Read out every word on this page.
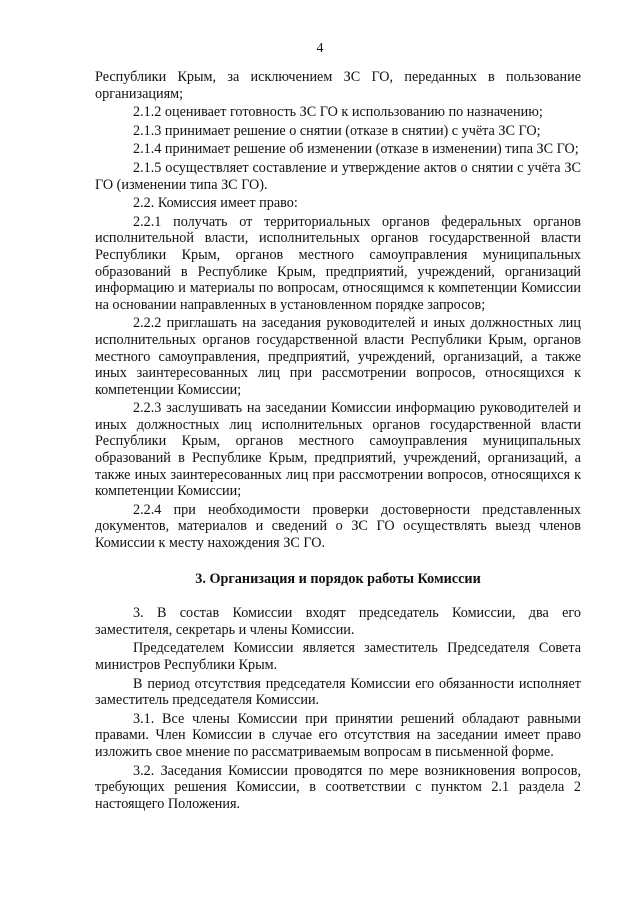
4

Республики Крым, за исключением ЗС ГО, переданных в пользование организациям;

2.1.2 оценивает готовность ЗС ГО к использованию по назначению;

2.1.3 принимает решение о снятии (отказе в снятии) с учёта ЗС ГО;

2.1.4 принимает решение об изменении (отказе в изменении) типа ЗС ГО;

2.1.5 осуществляет составление и утверждение актов о снятии с учёта ЗС ГО (изменении типа ЗС ГО).

2.2. Комиссия имеет право:

2.2.1 получать от территориальных органов федеральных органов исполнительной власти, исполнительных органов государственной власти Республики Крым, органов местного самоуправления муниципальных образований в Республике Крым, предприятий, учреждений, организаций информацию и материалы по вопросам, относящимся к компетенции Комиссии на основании направленных в установленном порядке запросов;

2.2.2 приглашать на заседания руководителей и иных должностных лиц исполнительных органов государственной власти Республики Крым, органов местного самоуправления, предприятий, учреждений, организаций, а также иных заинтересованных лиц при рассмотрении вопросов, относящихся к компетенции Комиссии;

2.2.3 заслушивать на заседании Комиссии информацию руководителей и иных должностных лиц исполнительных органов государственной власти Республики Крым, органов местного самоуправления муниципальных образований в Республике Крым, предприятий, учреждений, организаций, а также иных заинтересованных лиц при рассмотрении вопросов, относящихся к компетенции Комиссии;

2.2.4 при необходимости проверки достоверности представленных документов, материалов и сведений о ЗС ГО осуществлять выезд членов Комиссии к месту нахождения ЗС ГО.

3. Организация и порядок работы Комиссии

3. В состав Комиссии входят председатель Комиссии, два его заместителя, секретарь и члены Комиссии.

Председателем Комиссии является заместитель Председателя Совета министров Республики Крым.

В период отсутствия председателя Комиссии его обязанности исполняет заместитель председателя Комиссии.

3.1. Все члены Комиссии при принятии решений обладают равными правами. Член Комиссии в случае его отсутствия на заседании имеет право изложить свое мнение по рассматриваемым вопросам в письменной форме.

3.2. Заседания Комиссии проводятся по мере возникновения вопросов, требующих решения Комиссии, в соответствии с пунктом 2.1 раздела 2 настоящего Положения.
